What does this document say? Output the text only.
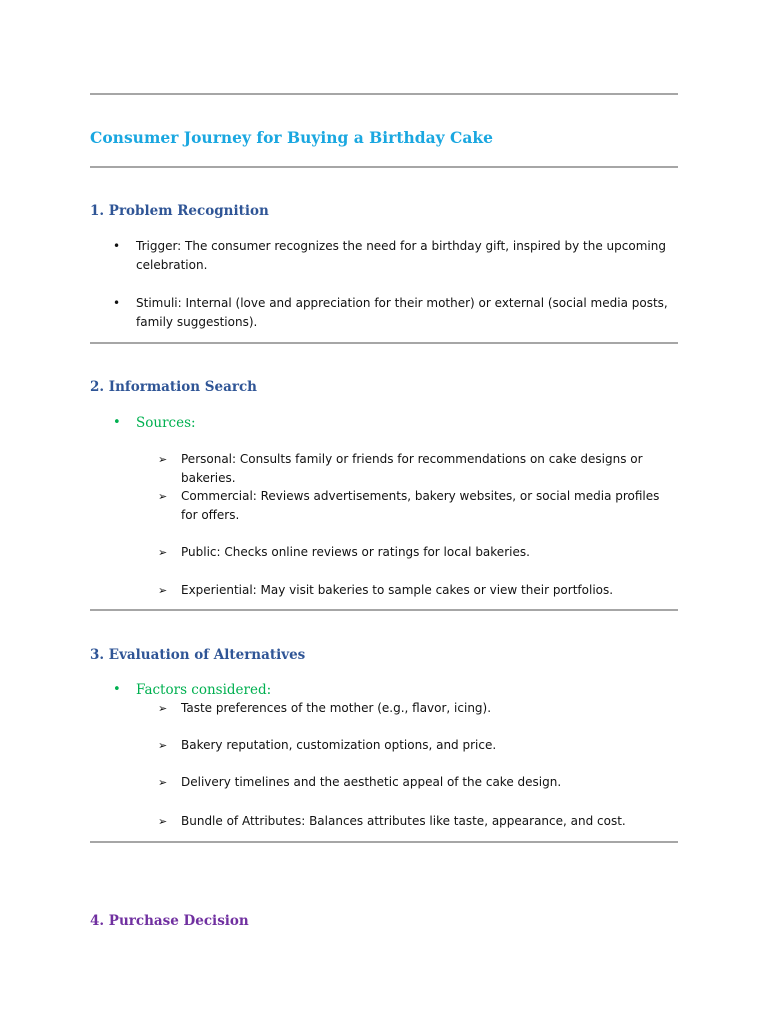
Consumer Journey for Buying a Birthday Cake
1. Problem Recognition
• Trigger: The consumer recognizes the need for a birthday gift, inspired by the upcoming celebration.
• Stimuli: Internal (love and appreciation for their mother) or external (social media posts, family suggestions).
2. Information Search
• Sources:
➢ Personal: Consults family or friends for recommendations on cake designs or bakeries.
➢ Commercial: Reviews advertisements, bakery websites, or social media profiles for offers.
➢ Public: Checks online reviews or ratings for local bakeries.
➢ Experiential: May visit bakeries to sample cakes or view their portfolios.
3. Evaluation of Alternatives
• Factors considered:
➢ Taste preferences of the mother (e.g., flavor, icing).
➢ Bakery reputation, customization options, and price.
➢ Delivery timelines and the aesthetic appeal of the cake design.
➢ Bundle of Attributes: Balances attributes like taste, appearance, and cost.
4. Purchase Decision
